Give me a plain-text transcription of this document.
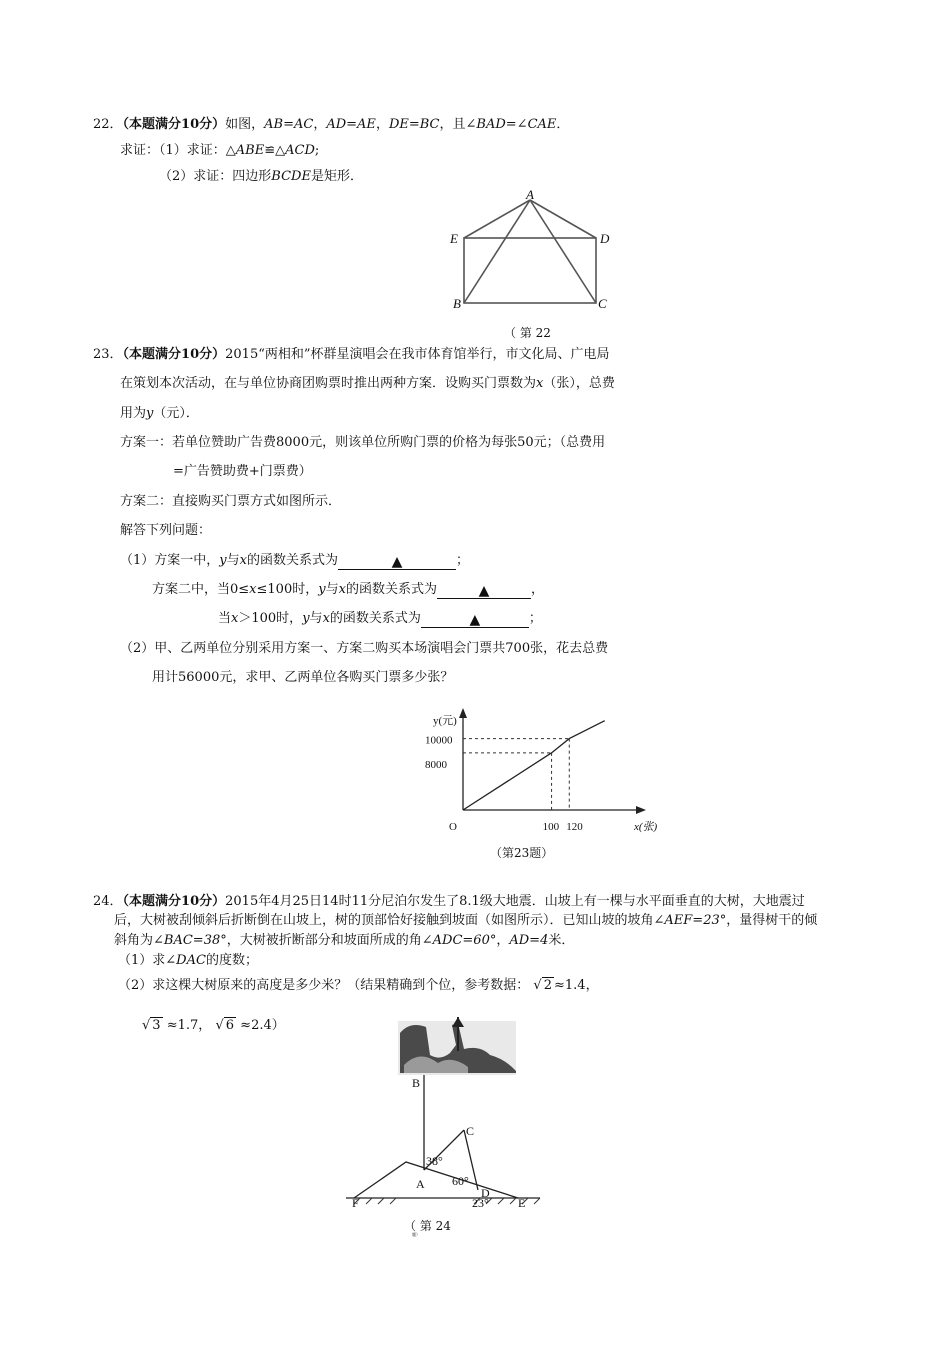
22．（本题满分10分）如图，AB=AC，AD=AE，DE=BC，且∠BAD=∠CAE．
求证：（1）求证：△ABE≌△ACD;
（2）求证：四边形BCDE是矩形．
A
E	D
B	C
（ 第 22
23．（本题满分10分）2015“两相和”杯群星演唱会在我市体育馆举行，市文化局、广电局
在策划本次活动，在与单位协商团购票时推出两种方案．设购买门票数为x（张），总费
用为y（元）．
方案一：若单位赞助广告费8000元，则该单位所购门票的价格为每张50元；（总费用
=广告赞助费+门票费）
方案二：直接购买门票方式如图所示．
解答下列问题：
（1）方案一中，y与x的函数关系式为	▲	；
方案二中，当0≤x≤100时，y与x的函数关系式为	▲	，
当x＞100时，y与x的函数关系式为	▲	；
（2）甲、乙两单位分别采用方案一、方案二购买本场演唱会门票共700张，花去总费
用计56000元，求甲、乙两单位各购买门票多少张？
100 120
10000
8000
O
y(元)
x(张)
（第23题）
24．（本题满分10分）2015年4月25日14时11分尼泊尔发生了8.1级大地震．山坡上有一棵与水平面垂直的大树，大地震过
后，大树被刮倾斜后折断倒在山坡上，树的顶部恰好接触到坡面（如图所示）．已知山坡的坡角∠AEF=23°，量得树干的倾
斜角为∠BAC=38°，大树被折断部分和坡面所成的角∠ADC=60°，AD=4米．
（1）求∠DAC的度数；
（2）求这棵大树原来的高度是多少米？（结果精确到个位，参考数据： √ 2 ≈1.4，
√ 3 ≈1.7， √ 6 ≈2.4）
B
C
38°
A 60°
D
23°
F	E
（ 第 24
题）
